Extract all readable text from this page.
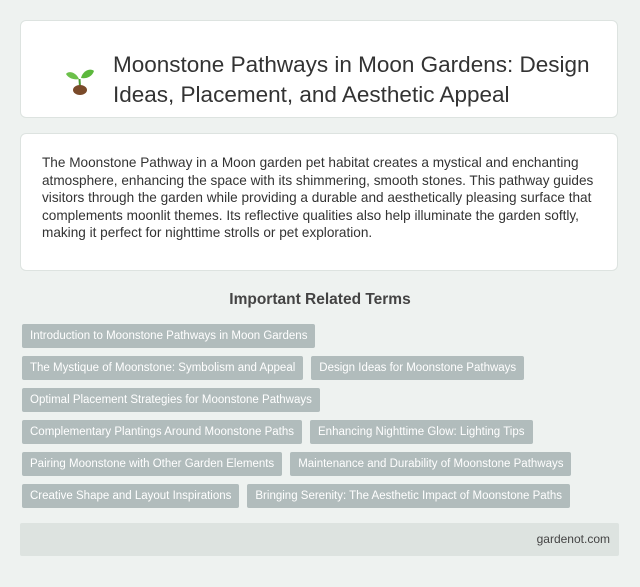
Moonstone Pathways in Moon Gardens: Design Ideas, Placement, and Aesthetic Appeal

The Moonstone Pathway in a Moon garden pet habitat creates a mystical and enchanting atmosphere, enhancing the space with its shimmering, smooth stones. This pathway guides visitors through the garden while providing a durable and aesthetically pleasing surface that complements moonlit themes. Its reflective qualities also help illuminate the garden softly, making it perfect for nighttime strolls or pet exploration.

Important Related Terms
Introduction to Moonstone Pathways in Moon Gardens
The Mystique of Moonstone: Symbolism and Appeal	Design Ideas for Moonstone Pathways
Optimal Placement Strategies for Moonstone Pathways
Complementary Plantings Around Moonstone Paths	Enhancing Nighttime Glow: Lighting Tips
Pairing Moonstone with Other Garden Elements	Maintenance and Durability of Moonstone Pathways
Creative Shape and Layout Inspirations	Bringing Serenity: The Aesthetic Impact of Moonstone Paths
gardenot.com
